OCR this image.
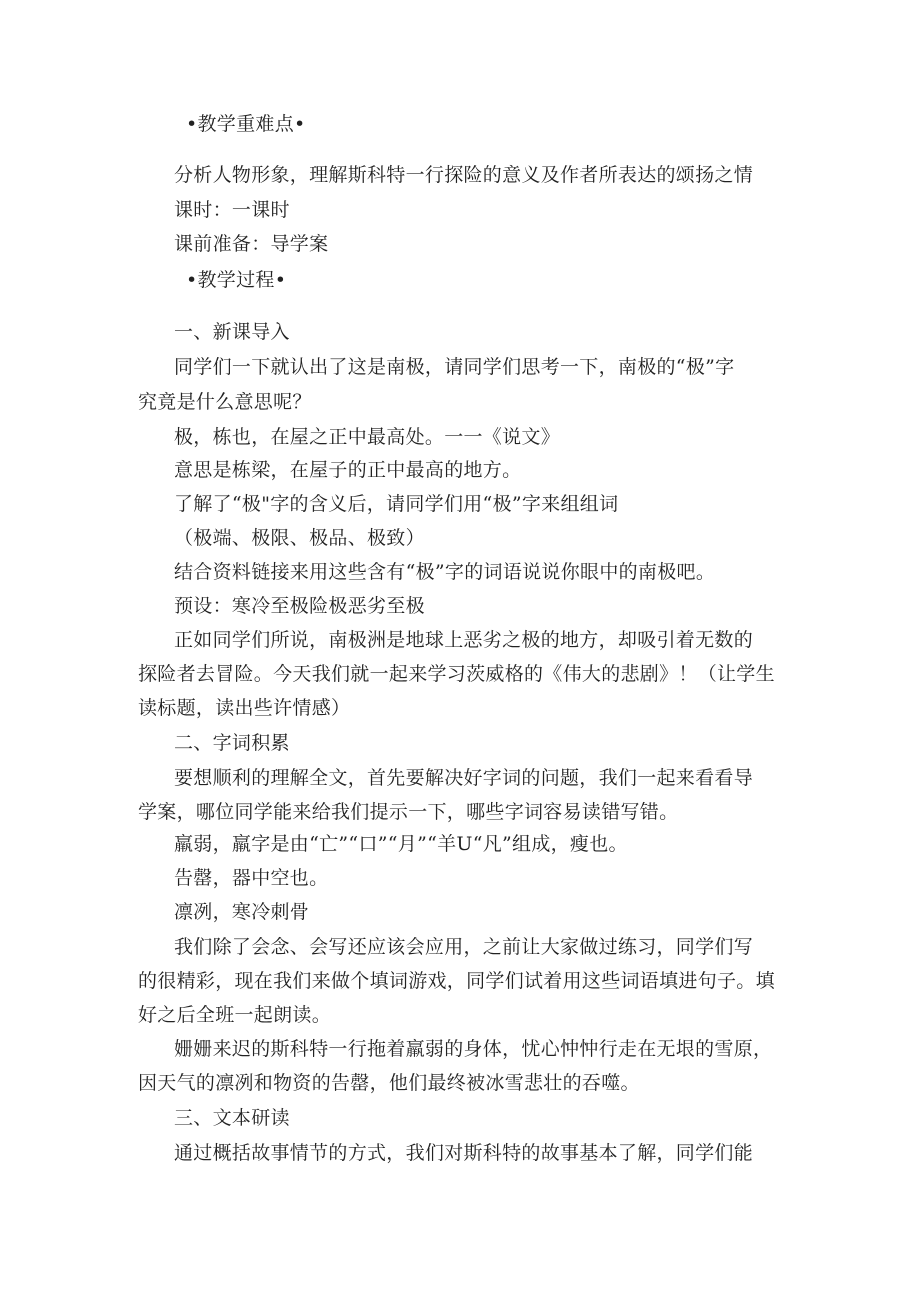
•教学重难点•
分析人物形象，理解斯科特一行探险的意义及作者所表达的颂扬之情
课时：一课时
课前准备：导学案
•教学过程•
一、新课导入
同学们一下就认出了这是南极，请同学们思考一下，南极的“极”字
究竟是什么意思呢？
极，栋也，在屋之正中最高处。一一《说文》
意思是栋梁，在屋子的正中最高的地方。
了解了“极"字的含义后，请同学们用“极”字来组组词
（极端、极限、极品、极致）
结合资料链接来用这些含有“极”字的词语说说你眼中的南极吧。
预设：寒冷至极险极恶劣至极
正如同学们所说，南极洲是地球上恶劣之极的地方，却吸引着无数的
探险者去冒险。今天我们就一起来学习茨威格的《伟大的悲剧》！（让学生
读标题，读出些许情感）
二、字词积累
要想顺利的理解全文，首先要解决好字词的问题，我们一起来看看导
学案，哪位同学能来给我们提示一下，哪些字词容易读错写错。
羸弱，羸字是由“亡”“口”“月”“羊U“凡”组成，瘦也。
告罄，器中空也。
凛冽，寒冷刺骨
我们除了会念、会写还应该会应用，之前让大家做过练习，同学们写
的很精彩，现在我们来做个填词游戏，同学们试着用这些词语填进句子。填
好之后全班一起朗读。
姗姗来迟的斯科特一行拖着羸弱的身体，忧心忡忡行走在无垠的雪原，
因天气的凛冽和物资的告罄，他们最终被冰雪悲壮的吞噬。
三、文本研读
通过概括故事情节的方式，我们对斯科特的故事基本了解，同学们能
